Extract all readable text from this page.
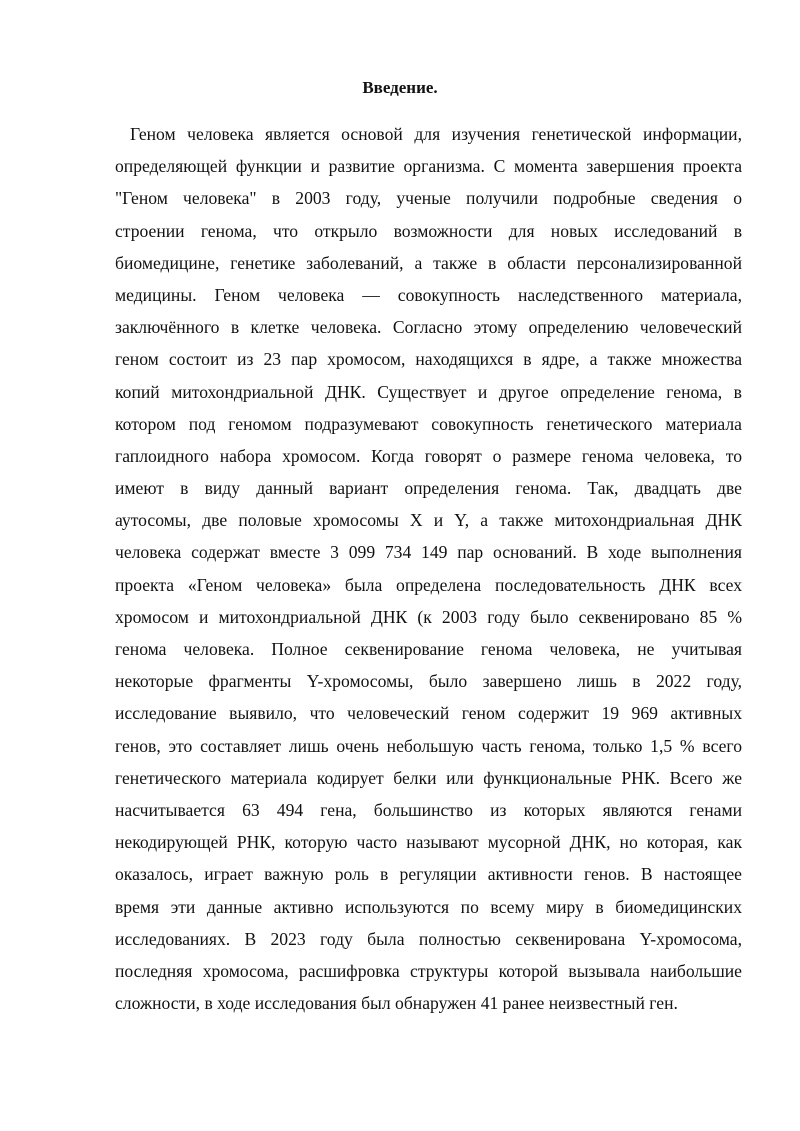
Введение.
Геном человека является основой для изучения генетической информации,
определяющей функции и развитие организма. С момента завершения проекта
"Геном человека" в 2003 году, ученые получили подробные сведения о
строении генома, что открыло возможности для новых исследований в
биомедицине, генетике заболеваний, а также в области персонализированной
медицины. Геном человека — совокупность наследственного материала,
заключённого в клетке человека. Согласно этому определению человеческий
геном состоит из 23 пар хромосом, находящихся в ядре, а также множества
копий митохондриальной ДНК. Существует и другое определение генома, в
котором под геномом подразумевают совокупность генетического материала
гаплоидного набора хромосом. Когда говорят о размере генома человека, то
имеют в виду данный вариант определения генома. Так, двадцать две
аутосомы, две половые хромосомы X и Y, а также митохондриальная ДНК
человека содержат вместе 3 099 734 149 пар оснований. В ходе выполнения
проекта «Геном человека» была определена последовательность ДНК всех
хромосом и митохондриальной ДНК (к 2003 году было секвенировано 85 %
генома человека. Полное секвенирование генома человека, не учитывая
некоторые фрагменты Y-хромосомы, было завершено лишь в 2022 году,
исследование выявило, что человеческий геном содержит 19 969 активных
генов, это составляет лишь очень небольшую часть генома, только 1,5 % всего
генетического материала кодирует белки или функциональные РНК. Всего же
насчитывается 63 494 гена, большинство из которых являются генами
некодирующей РНК, которую часто называют мусорной ДНК, но которая, как
оказалось, играет важную роль в регуляции активности генов. В настоящее
время эти данные активно используются по всему миру в биомедицинских
исследованиях. В 2023 году была полностью секвенирована Y-хромосома,
последняя хромосома, расшифровка структуры которой вызывала наибольшие
сложности, в ходе исследования был обнаружен 41 ранее неизвестный ген.
